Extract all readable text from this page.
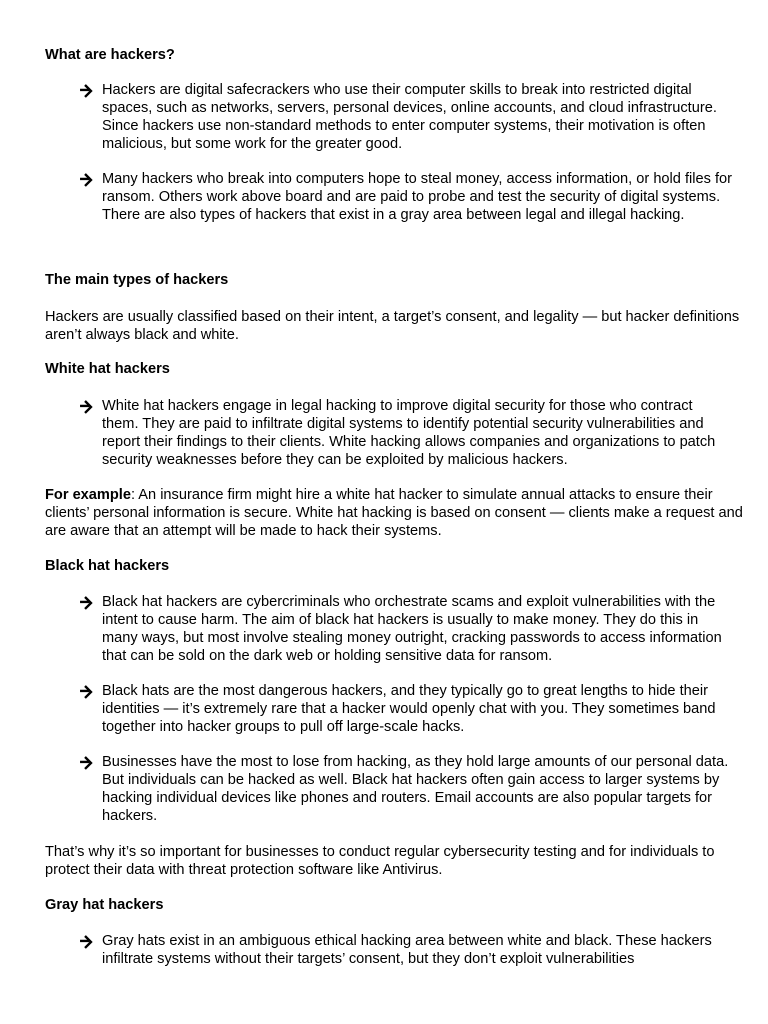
What are hackers?
Hackers are digital safecrackers who use their computer skills to break into restricted digital spaces, such as networks, servers, personal devices, online accounts, and cloud infrastructure. Since hackers use non-standard methods to enter computer systems, their motivation is often malicious, but some work for the greater good.
Many hackers who break into computers hope to steal money, access information, or hold files for ransom. Others work above board and are paid to probe and test the security of digital systems. There are also types of hackers that exist in a gray area between legal and illegal hacking.
The main types of hackers

Hackers are usually classified based on their intent, a target’s consent, and legality — but hacker definitions aren’t always black and white.

White hat hackers
White hat hackers engage in legal hacking to improve digital security for those who contract them. They are paid to infiltrate digital systems to identify potential security vulnerabilities and report their findings to their clients. White hacking allows companies and organizations to patch security weaknesses before they can be exploited by malicious hackers.

For example: An insurance firm might hire a white hat hacker to simulate annual attacks to ensure their clients’ personal information is secure. White hat hacking is based on consent — clients make a request and are aware that an attempt will be made to hack their systems.

Black hat hackers
Black hat hackers are cybercriminals who orchestrate scams and exploit vulnerabilities with the intent to cause harm. The aim of black hat hackers is usually to make money. They do this in many ways, but most involve stealing money outright, cracking passwords to access information that can be sold on the dark web or holding sensitive data for ransom.
Black hats are the most dangerous hackers, and they typically go to great lengths to hide their identities — it’s extremely rare that a hacker would openly chat with you. They sometimes band together into hacker groups to pull off large-scale hacks.
Businesses have the most to lose from hacking, as they hold large amounts of our personal data. But individuals can be hacked as well. Black hat hackers often gain access to larger systems by hacking individual devices like phones and routers. Email accounts are also popular targets for hackers.

That’s why it’s so important for businesses to conduct regular cybersecurity testing and for individuals to protect their data with threat protection software like Antivirus.

Gray hat hackers
Gray hats exist in an ambiguous ethical hacking area between white and black. These hackers infiltrate systems without their targets’ consent, but they don’t exploit vulnerabilities
